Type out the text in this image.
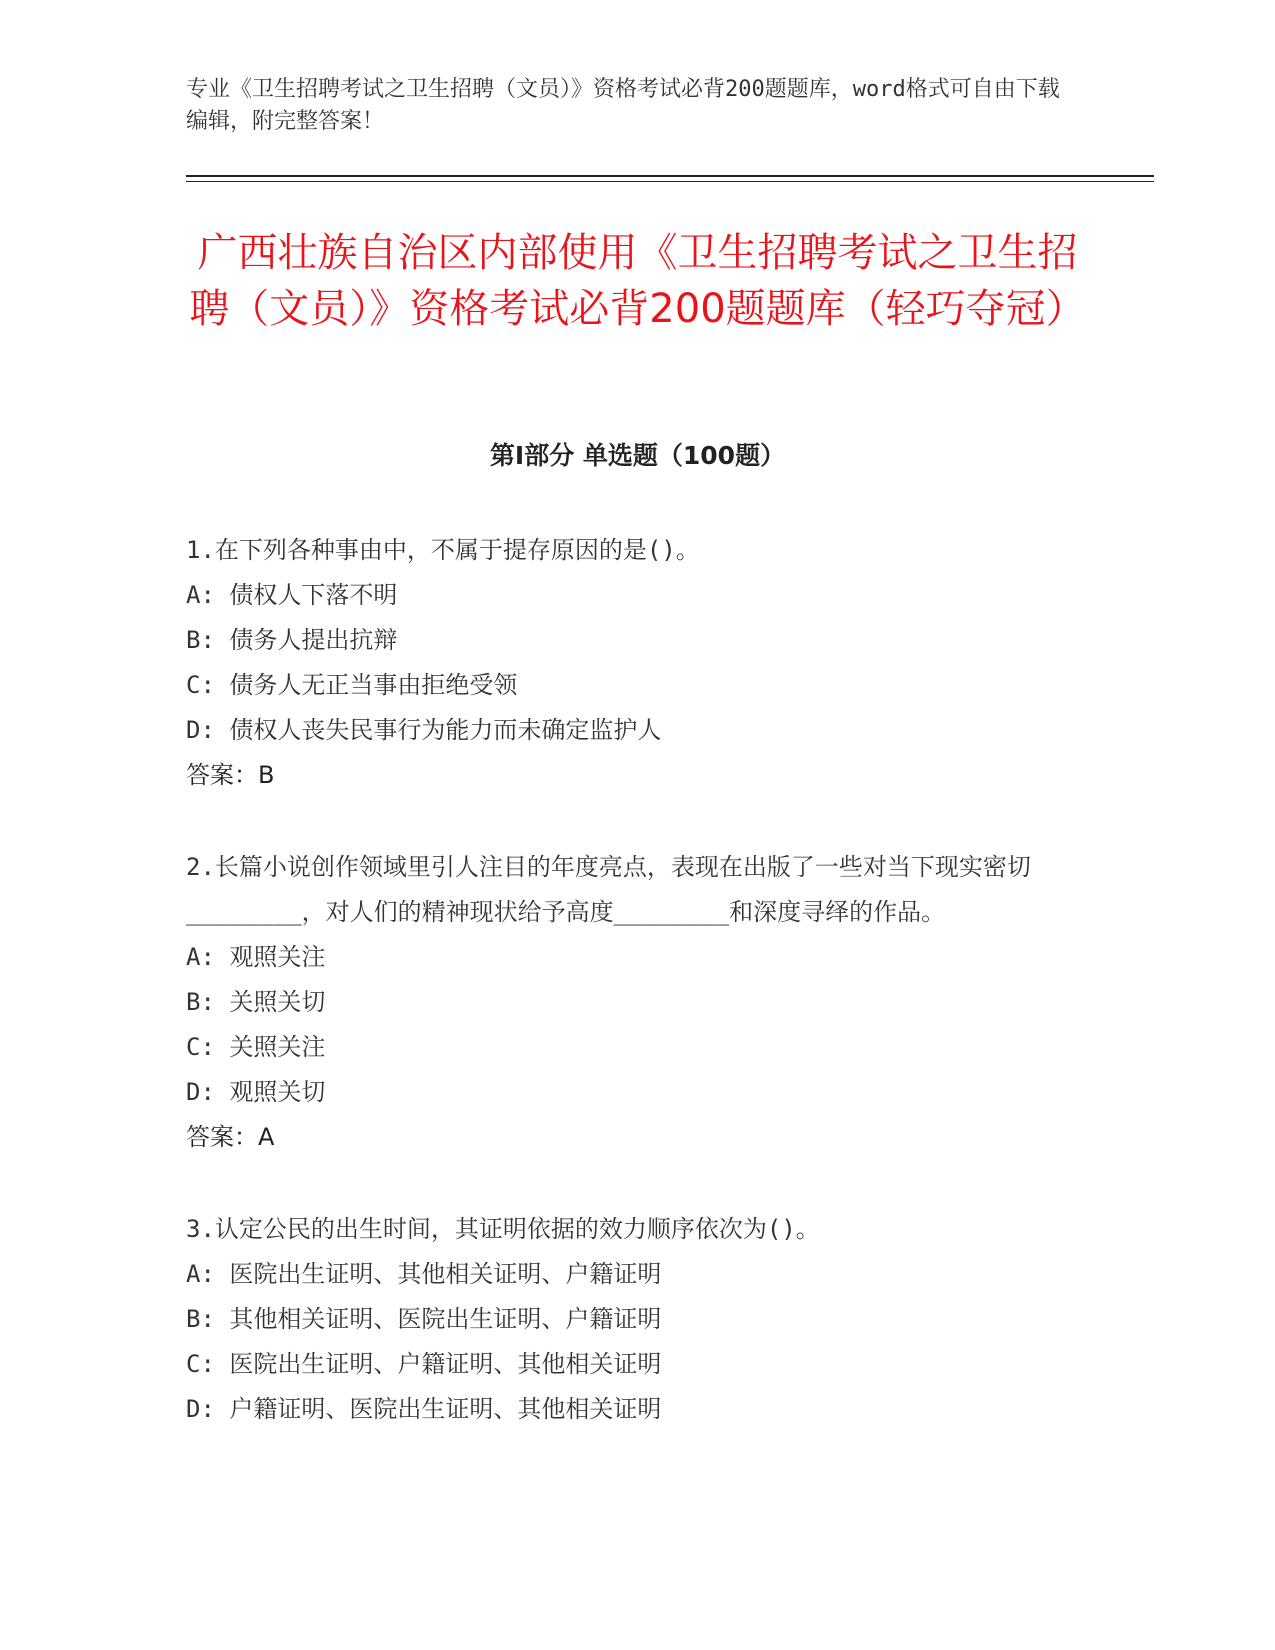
专业《卫生招聘考试之卫生招聘（文员）》资格考试必背200题题库，word格式可自由下载编辑，附完整答案！
广西壮族自治区内部使用《卫生招聘考试之卫生招聘（文员）》资格考试必背200题题库（轻巧夺冠）
第Ⅰ部分 单选题（100题）

1.在下列各种事由中，不属于提存原因的是()。

A: 债权人下落不明

B: 债务人提出抗辩

C: 债务人无正当事由拒绝受领

D: 债权人丧失民事行为能力而未确定监护人

答案：B

2.长篇小说创作领域里引人注目的年度亮点，表现在出版了一些对当下现实密切________，对人们的精神现状给予高度________和深度寻绎的作品。

A: 观照关注

B: 关照关切

C: 关照关注

D: 观照关切

答案：A

3.认定公民的出生时间，其证明依据的效力顺序依次为()。

A: 医院出生证明、其他相关证明、户籍证明

B: 其他相关证明、医院出生证明、户籍证明

C: 医院出生证明、户籍证明、其他相关证明

D: 户籍证明、医院出生证明、其他相关证明
